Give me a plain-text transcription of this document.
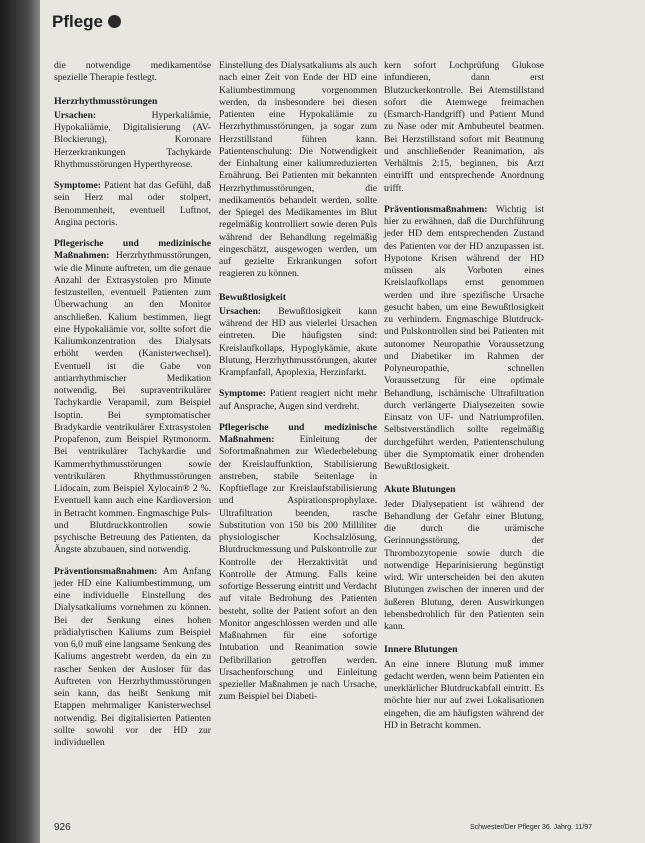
Pflege

die notwendige medikamentöse spezielle Therapie festlegt.

Herzrhythmusstörungen

Ursachen: Hyperkaliämie, Hypokaliämie, Digitalisierung (AV-Blockierung), Koronare Herzerkrankungen Tachykarde Rhythmusstörungen Hyperthyreose.

Symptome: Patient hat das Gefühl, daß sein Herz mal oder stolpert, Benommenheit, eventuell Luftnot, Angina pectoris.

Pflegerische und medizinische Maßnahmen: Herzrhythmusstörungen, wie die Minute auftreten, um die genaue Anzahl der Extrasystolen pro Minute festzustellen, eventuell Patienten zum Überwachung an den Monitor anschließen. Kalium bestimmen, liegt eine Hypokaliämie vor, sollte sofort die Kaliumkonzentration des Dialysats erhöht werden (Kanisterwechsel). Eventuell ist die Gabe von antiarrhythmischer Medikation notwendig. Bei supraventrikulärer Tachykardie Verapamil, zum Beispiel Isoptin. Bei symptomatischer Bradykardie ventrikulärer Extrasystolen Propafenon, zum Beispiel Rytmonorm. Bei ventrikulärer Tachykardie und Kammerrhythmusstörungen sowie ventrikulären Rhythmusstörungen Lidocain, zum Beispiel Xylocain® 2 %. Eventuell kann auch eine Kardioversion in Betracht kommen. Engmaschige Puls- und Blutdruckkontrollen sowie psychische Betreuung des Patienten, da Ängste abzubauen, sind notwendig.

Präventionsmaßnahmen: Am Anfang jeder HD eine Kaliumbestimmung, um eine individuelle Einstellung des Dialysatkaliums vornehmen zu können. Bei der Senkung eines hohen prädialytischen Kaliums zum Beispiel von 6,0 muß eine langsame Senkung des Kaliums angestrebt werden, da ein zu rascher Senken der Ausloser für das Auftreten von Herzrhythmusstörungen sein kann, das heißt Senkung mit Etappen mehrmaliger Kanisterwechsel notwendig. Bei digitalisierten Patienten sollte sowohl vor der HD zur individuellen

Einstellung des Dialysatkaliums als auch nach einer Zeit von Ende der HD eine Kaliumbestimmung vorgenommen werden, da insbesondere bei diesen Patienten eine Hypokaliämie zu Herzrhythmusstörungen, ja sogar zum Herzstillstand führen kann. Patientenschulung: Die Notwendigkeit der Einhaltung einer kaliumreduzierten Ernährung. Bei Patienten mit bekannten Herzrhythmusstörungen, die medikamentös behandelt werden, sollte der Spiegel des Medikamentes im Blut regelmäßig kontrolliert sowie deren Puls während der Behandlung regelmäßig eingeschätzt, ausgewogen werden, um auf gezielte Erkrankungen sofort reagieren zu können.

Bewußtlosigkeit

Ursachen: Bewußtlosigkeit kann während der HD aus vielerlei Ursachen eintreten. Die häufigsten sind: Kreislaufkollaps, Hypoglykämie, akute Blutung, Herzrhythmusstörungen, akuter Krampfanfall, Apoplexia, Herzinfarkt.

Symptome: Patient reagiert nicht mehr auf Ansprache, Augen sind verdreht.

Pflegerische und medizinische Maßnahmen: Einleitung der Sofortmaßnahmen zur Wiederbelebung der Kreislauffunktion, Stabilisierung anstreben, stabile Seitenlage in Kopftieflage zur Kreislaufstabilisierung und Aspirationsprophylaxe. Ultrafiltration beenden, rasche Substitution von 150 bis 200 Milliliter physiologischer Kochsalzlösung, Blutdruckmessung und Pulskontrolle zur Kontrolle der Herzaktivität und Kontrolle der Atmung. Falls keine sofortige Besserung eintritt und Verdacht auf vitale Bedrohung des Patienten besteht, sollte der Patient sofort an den Monitor angeschlossen werden und alle Maßnahmen für eine sofortige Intubation und Reanimation sowie Defibrillation getroffen werden. Ursachenforschung und Einleitung spezieller Maßnahmen je nach Ursache, zum Beispiel bei Diabeti-

kern sofort Lochprüfung Glukose infundieren, dann erst Blutzuckerkontrolle. Bei Atemstillstand sofort die Atemwege freimachen (Esmarch-Handgriff) und Patient Mund zu Nase oder mit Ambubeutel beatmen. Bei Herzstillstand sofort mit Beatmung und anschließender Reanimation, als Verhältnis 2:15, beginnen, bis Arzt eintrifft und entsprechende Anordnung trifft.

Präventionsmaßnahmen: Wichtig ist hier zu erwähnen, daß die Durchführung jeder HD dem entsprechenden Zustand des Patienten vor der HD anzupassen ist. Hypotone Krisen während der HD müssen als Vorboten eines Kreislaufkollaps ernst genommen werden und ihre spezifische Ursache gesucht haben, um eine Bewußtlosigkeit zu verhindern. Engmaschige Blutdruck- und Pulskontrollen sind bei Patienten mit autonomer Neuropathie Voraussetzung und Diabetiker im Rahmen der Polyneuropathie, schnellen Voraussetzung für eine optimale Behandlung, ischämische Ultrafiltration durch verlängerte Dialysezeiten sowie Einsatz von UF- und Natriumprofilen. Selbstverständlich sollte regelmäßig durchgeführt werden, Patientenschulung über die Symptomatik einer drohenden Bewußtlosigkeit.

Akute Blutungen

Jeder Dialysepatient ist während der Behandlung der Gefahr einer Blutung, die durch die urämische Gerinnungsstörung, der Thrombozytopenie sowie durch die notwendige Heparinisierung begünstigt wird. Wir unterscheiden bei den akuten Blutungen zwischen der inneren und der äußeren Blutung, deren Auswirkungen lebensbedrohlich für den Patienten sein kann.

Innere Blutungen

An eine innere Blutung muß immer gedacht werden, wenn beim Patienten ein unerklärlicher Blutdruckabfall eintritt. Es möchte hier nur auf zwei Lokalisationen eingehen, die am häufigsten während der HD in Betracht kommen.

926	Schwester/Der Pfleger 36. Jahrg. 11/97
